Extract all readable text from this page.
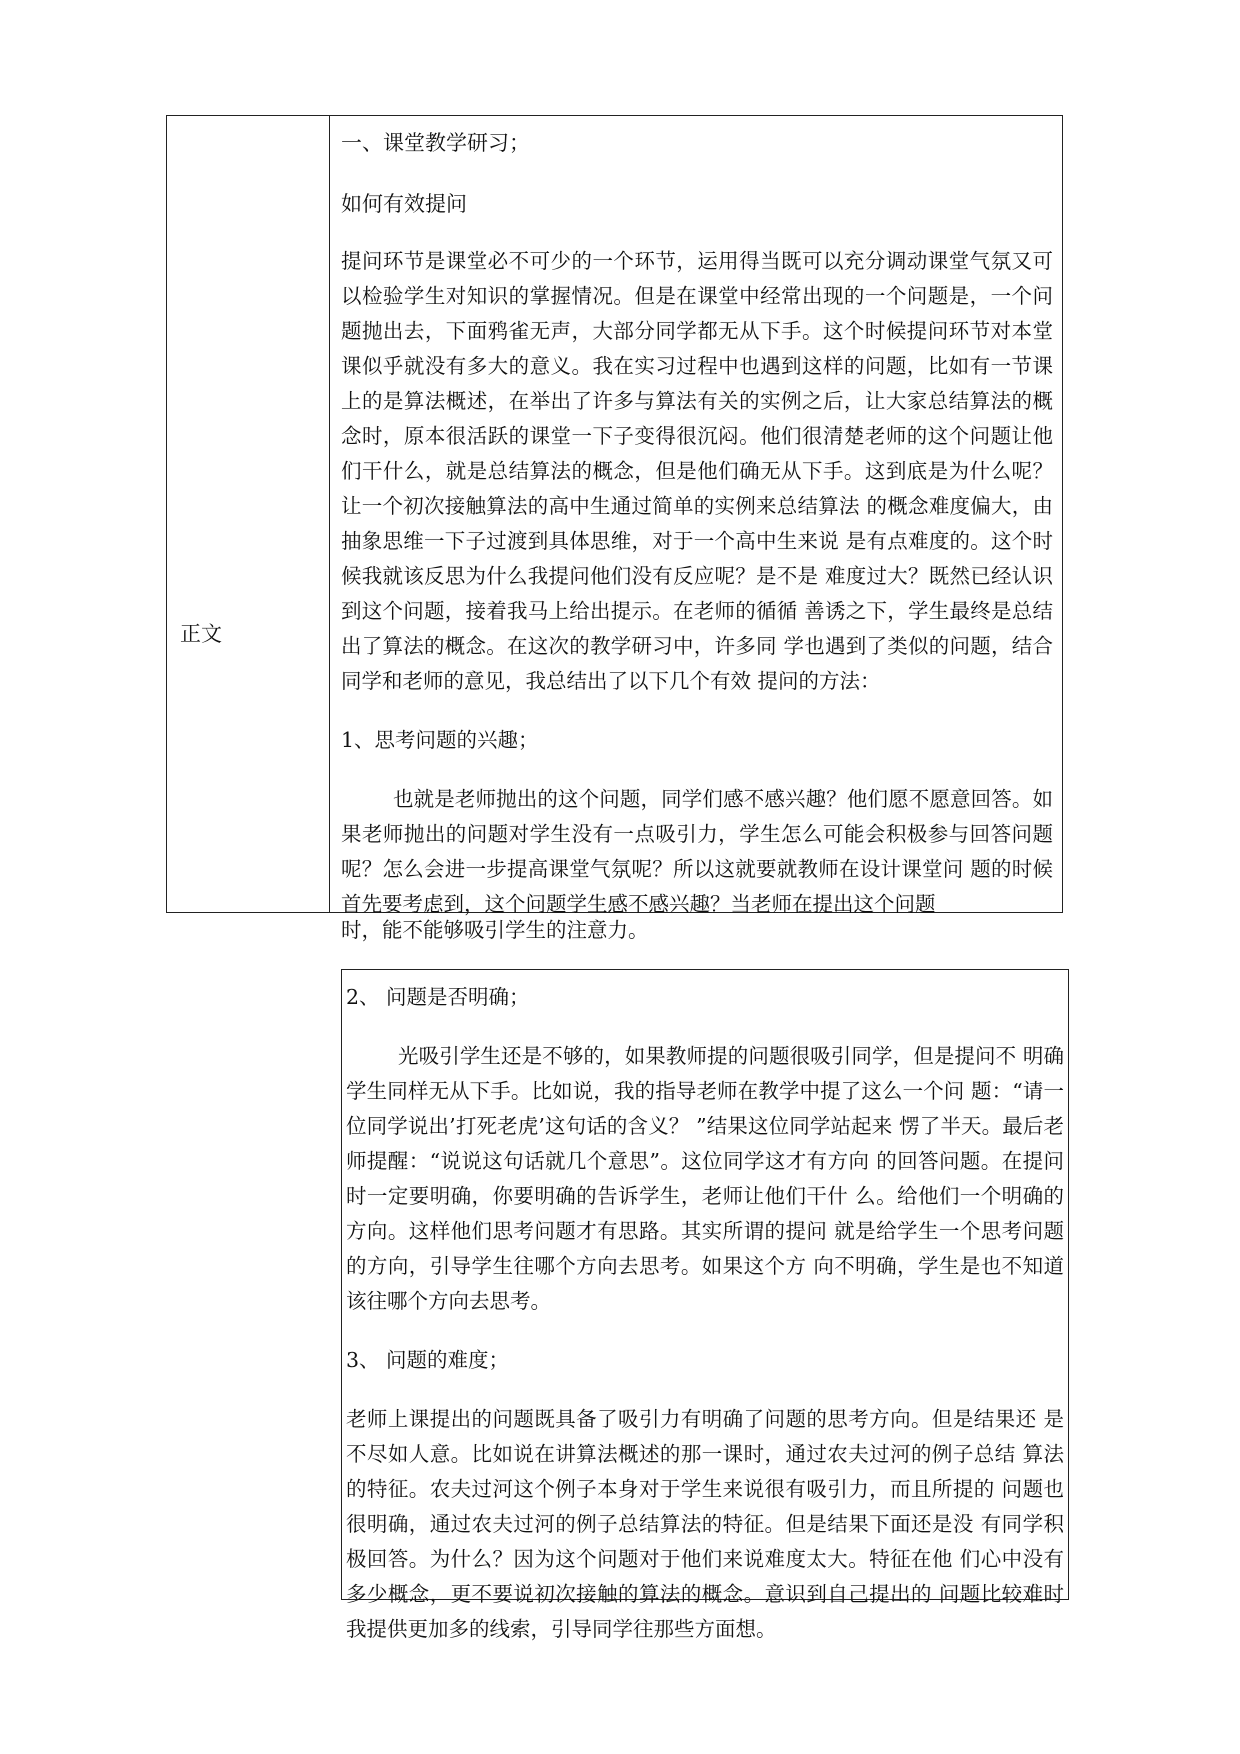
正文

一、课堂教学研习；

如何有效提问

提问环节是课堂必不可少的一个环节，运用得当既可以充分调动课堂气氛又可以检验学生对知识的掌握情况。但是在课堂中经常出现的一个问题是，一个问题抛出去，下面鸦雀无声，大部分同学都无从下手。这个时候提问环节对本堂课似乎就没有多大的意义。我在实习过程中也遇到这样的问题，比如有一节课上的是算法概述，在举出了许多与算法有关的实例之后，让大家总结算法的概念时，原本很活跃的课堂一下子变得很沉闷。他们很清楚老师的这个问题让他们干什么，就是总结算法的概念，但是他们确无从下手。这到底是为什么呢？让一个初次接触算法的高中生通过简单的实例来总结算法 的概念难度偏大，由抽象思维一下子过渡到具体思维，对于一个高中生来说 是有点难度的。这个时候我就该反思为什么我提问他们没有反应呢？是不是 难度过大？既然已经认识到这个问题，接着我马上给出提示。在老师的循循 善诱之下，学生最终是总结出了算法的概念。在这次的教学研习中，许多同 学也遇到了类似的问题，结合同学和老师的意见，我总结出了以下几个有效 提问的方法：

1、思考问题的兴趣；

也就是老师抛出的这个问题，同学们感不感兴趣？他们愿不愿意回答。如果老师抛出的问题对学生没有一点吸引力，学生怎么可能会积极参与回答问题呢？怎么会进一步提高课堂气氛呢？所以这就要就教师在设计课堂问 题的时候首先要考虑到，这个问题学生感不感兴趣？当老师在提出这个问题

时，能不能够吸引学生的注意力。

2、 问题是否明确；

光吸引学生还是不够的，如果教师提的问题很吸引同学，但是提问不 明确学生同样无从下手。比如说，我的指导老师在教学中提了这么一个问 题：“请一位同学说出’打死老虎’这句话的含义？ ”结果这位同学站起来 愣了半天。最后老师提醒：“说说这句话就几个意思”。这位同学这才有方向 的回答问题。在提问时一定要明确，你要明确的告诉学生，老师让他们干什 么。给他们一个明确的方向。这样他们思考问题才有思路。其实所谓的提问 就是给学生一个思考问题的方向，引导学生往哪个方向去思考。如果这个方 向不明确，学生是也不知道该往哪个方向去思考。

3、 问题的难度；

老师上课提出的问题既具备了吸引力有明确了问题的思考方向。但是结果还 是不尽如人意。比如说在讲算法概述的那一课时，通过农夫过河的例子总结 算法的特征。农夫过河这个例子本身对于学生来说很有吸引力，而且所提的 问题也很明确，通过农夫过河的例子总结算法的特征。但是结果下面还是没 有同学积极回答。为什么？因为这个问题对于他们来说难度太大。特征在他 们心中没有多少概念，更不要说初次接触的算法的概念。意识到自己提出的 问题比较难时我提供更加多的线索，引导同学往那些方面想。
